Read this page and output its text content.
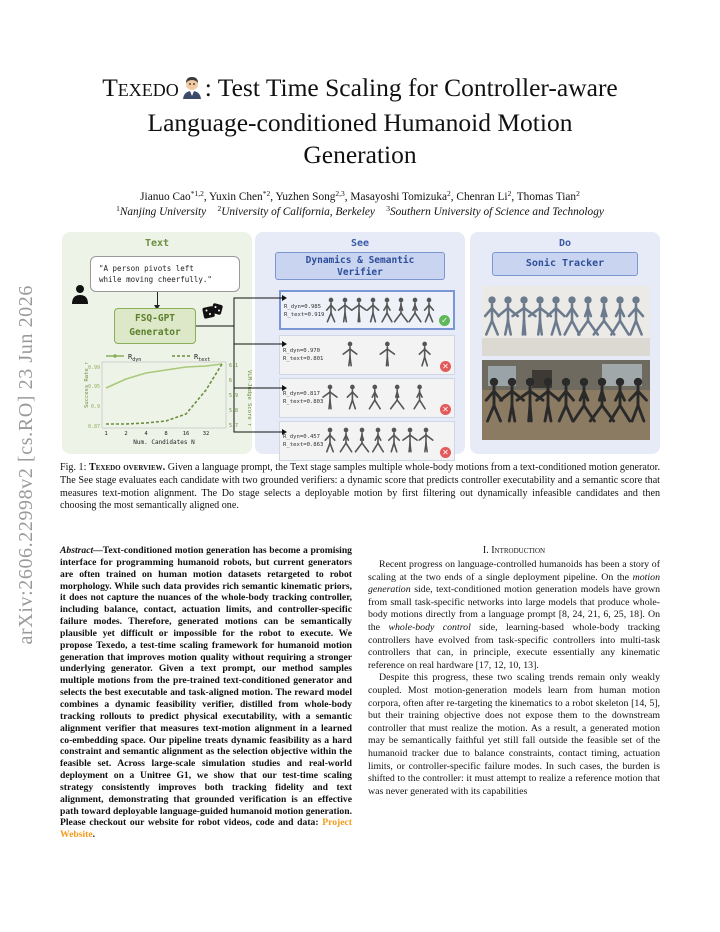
arXiv:2606.22998v2 [cs.RO] 23 Jun 2026
Texedo : Test Time Scaling for Controller-aware
Language-conditioned Humanoid Motion
Generation
Jianuo Cao$^{*1,2}$, Yuxin Chen$^{*2}$, Yuzhen Song$^{2,3}$, Masayoshi Tomizuka$^2$, Chenran Li$^2$, Thomas Tian$^2$
$^1$Nanjing University  $^2$University of California, Berkeley  $^3$Southern University of Science and Technology
Text
"A person pivots left
while moving cheerfully."
FSQ-GPT
Generator
$R_{dyn}$	$R_{text}$
Success Rate ↑	VLM-Judge Score ↑
0.99
0.95
0.9
0.87
6.1
6
5.9
5.8
5.7
1	2	4	8	16 32
Num. Candidates N
See
Dynamics & Semantic
Verifier
R_dyn=0.985
R_text=0.919
✓
R_dyn=0.970
R_text=0.801
✕
R_dyn=0.817
R_text=0.803
✕
R_dyn=0.457
R_text=0.863
✕
Do
Sonic Tracker
Fig. 1: Texedo overview. Given a language prompt, the Text stage samples multiple whole-body motions from a text-conditioned motion generator. The See stage evaluates each candidate with two grounded verifiers: a dynamic score that predicts controller executability and a semantic score that measures text-motion alignment. The Do stage selects a deployable motion by first filtering out dynamically infeasible candidates and then choosing the most semantically aligned one.
Abstract—Text-conditioned motion generation has become a promising interface for programming humanoid robots, but current generators are often trained on human motion datasets retargeted to robot morphology. While such data provides rich semantic kinematic priors, it does not capture the nuances of the whole-body tracking controller, including balance, contact, actuation limits, and controller-specific failure modes. Therefore, generated motions can be semantically plausible yet difficult or impossible for the robot to execute. We propose Texedo, a test-time scaling framework for humanoid motion generation that improves motion quality without requiring a stronger underlying generator. Given a text prompt, our method samples multiple motions from the pre-trained text-conditioned generator and selects the best executable and task-aligned motion. The reward model combines a dynamic feasibility verifier, distilled from whole-body tracking rollouts to predict physical executability, with a semantic alignment verifier that measures text-motion alignment in a learned co-embedding space. Our pipeline treats dynamic feasibility as a hard constraint and semantic alignment as the selection objective within the feasible set. Across large-scale simulation studies and real-world deployment on a Unitree G1, we show that our test-time scaling strategy consistently improves both tracking fidelity and text alignment, demonstrating that grounded verification is an effective path toward deployable language-guided humanoid motion generation. Please checkout our website for robot videos, code and data: Project Website.
I. Introduction

Recent progress on language-controlled humanoids has been a story of scaling at the two ends of a single deployment pipeline. On the motion generation side, text-conditioned motion generation models have grown from small task-specific networks into large models that produce whole-body motions directly from a language prompt [8, 24, 21, 6, 25, 18]. On the whole-body control side, learning-based whole-body tracking controllers have evolved from task-specific controllers into multi-task controllers that can, in principle, execute essentially any kinematic reference on real hardware [17, 12, 10, 13].

Despite this progress, these two scaling trends remain only weakly coupled. Most motion-generation models learn from human motion corpora, often after re-targeting the kinematics to a robot skeleton [14, 5], but their training objective does not expose them to the downstream controller that must realize the motion. As a result, a generated motion may be semantically faithful yet still fall outside the feasible set of the humanoid tracker due to balance constraints, contact timing, actuation limits, or controller-specific failure modes. In such cases, the burden is shifted to the controller: it must attempt to realize a reference motion that was never generated with its capabilities
